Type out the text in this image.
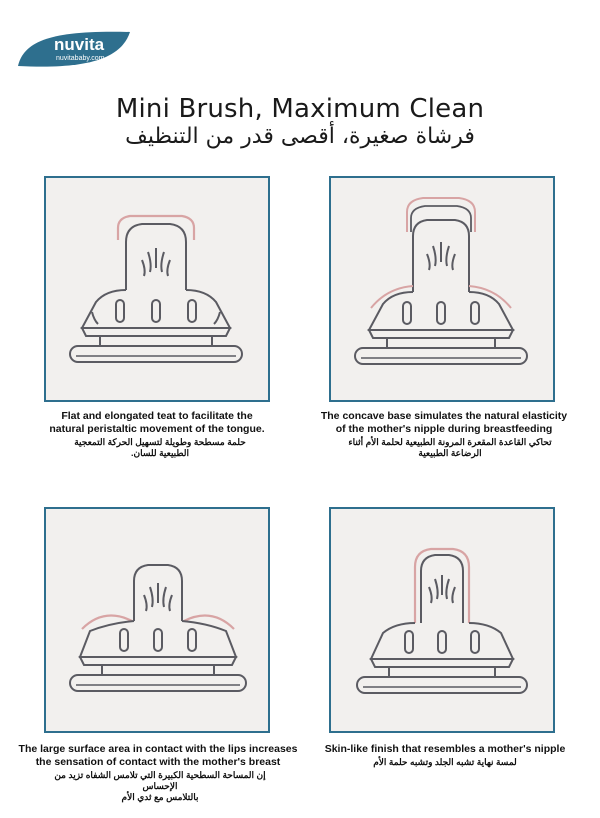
nuvita
nuvitababy.com
Mini Brush, Maximum Clean
فرشاة صغيرة، أقصى قدر من التنظيف
Flat and elongated teat to facilitate the
natural peristaltic movement of the tongue.
حلمة مسطحة وطويلة لتسهيل الحركة التمعجية
الطبيعية للسان.
The concave base simulates the natural elasticity
of the mother's nipple during breastfeeding
تحاكي القاعدة المقعرة المرونة الطبيعية لحلمة الأم أثناء
الرضاعة الطبيعية
The large surface area in contact with the lips increases
the sensation of contact with the mother's breast
إن المساحة السطحية الكبيرة التي تلامس الشفاه تزيد من الإحساس
بالتلامس مع ثدي الأم
Skin-like finish that resembles a mother's nipple
لمسة نهاية تشبه الجلد وتشبه حلمة الأم
